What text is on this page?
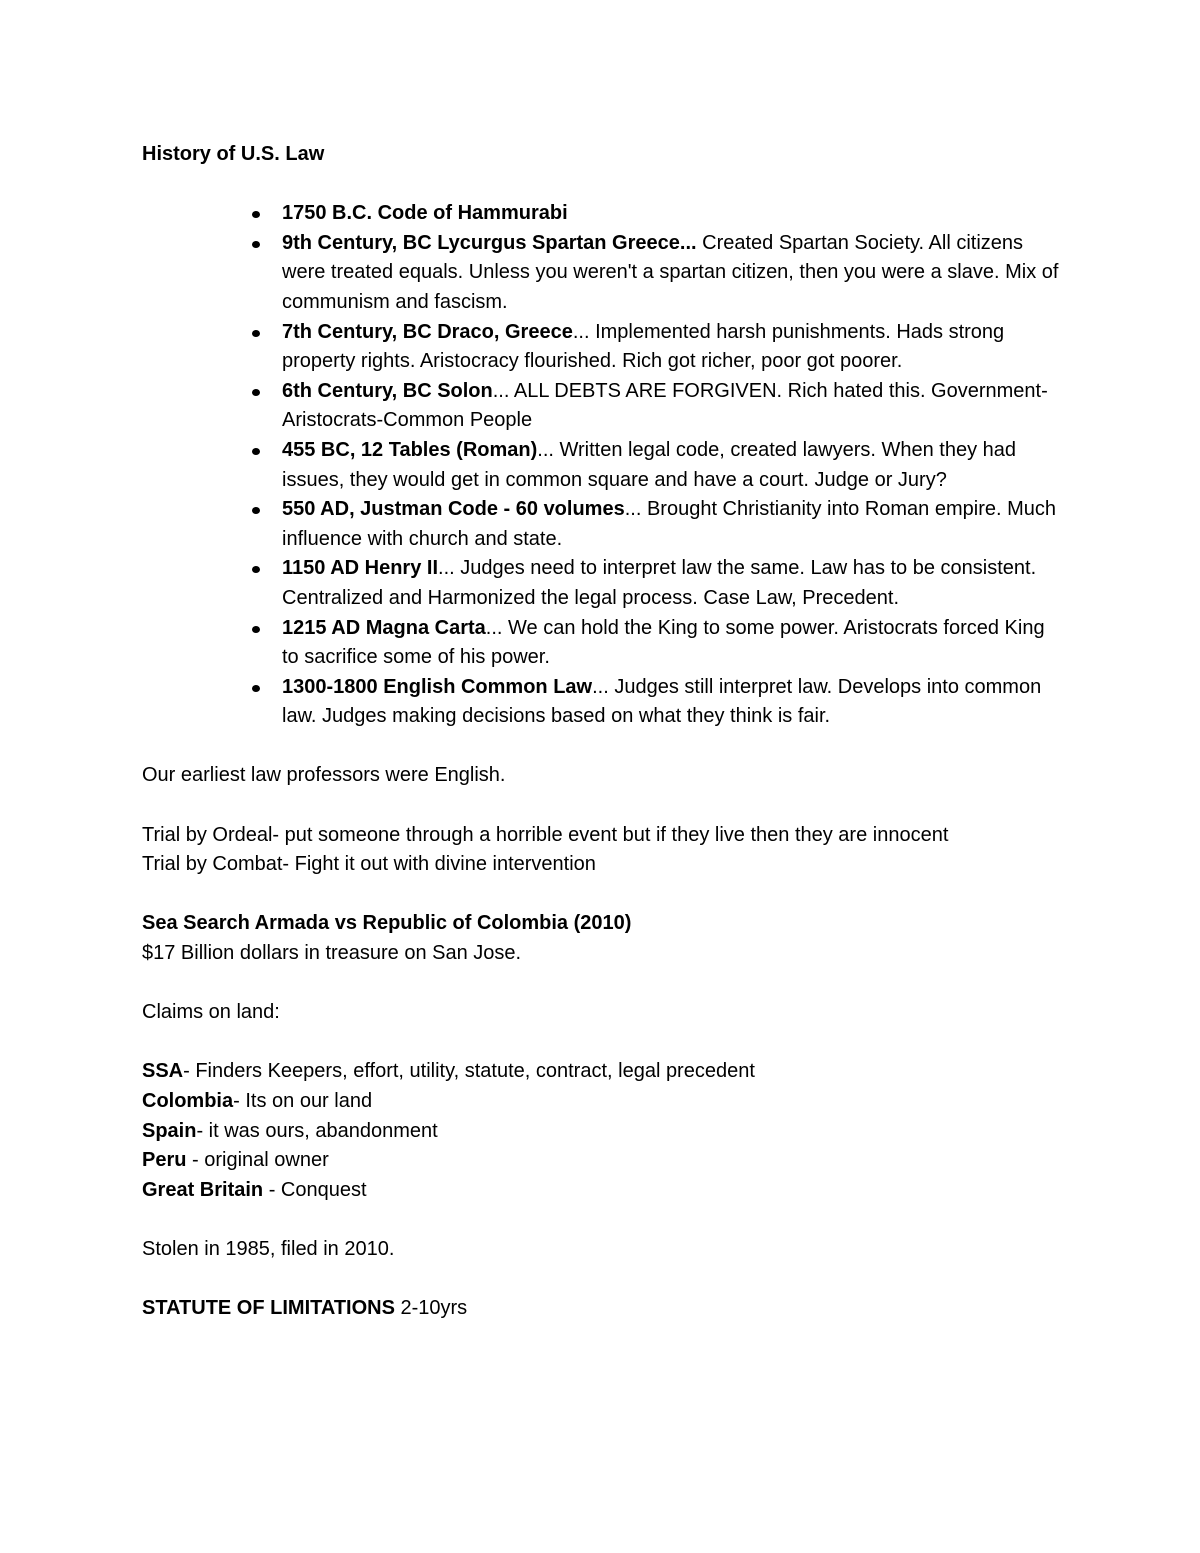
History of U.S. Law

1750 B.C. Code of Hammurabi
9th Century, BC Lycurgus Spartan Greece... Created Spartan Society. All citizens were treated equals. Unless you weren't a spartan citizen, then you were a slave. Mix of communism and fascism.
7th Century, BC Draco, Greece... Implemented harsh punishments. Hads strong property rights. Aristocracy flourished. Rich got richer, poor got poorer.
6th Century, BC Solon... ALL DEBTS ARE FORGIVEN. Rich hated this. Government-Aristocrats-Common People
455 BC, 12 Tables (Roman)... Written legal code, created lawyers. When they had issues, they would get in common square and have a court. Judge or Jury?
550 AD, Justman Code - 60 volumes... Brought Christianity into Roman empire. Much influence with church and state.
1150 AD Henry II... Judges need to interpret law the same. Law has to be consistent. Centralized and Harmonized the legal process. Case Law, Precedent.
1215 AD Magna Carta... We can hold the King to some power. Aristocrats forced King to sacrifice some of his power.
1300-1800 English Common Law... Judges still interpret law. Develops into common law. Judges making decisions based on what they think is fair.

Our earliest law professors were English.

Trial by Ordeal- put someone through a horrible event but if they live then they are innocent

Trial by Combat- Fight it out with divine intervention

Sea Search Armada vs Republic of Colombia (2010)

$17 Billion dollars in treasure on San Jose.

Claims on land:

SSA- Finders Keepers, effort, utility, statute, contract, legal precedent

Colombia- Its on our land

Spain- it was ours, abandonment

Peru - original owner

Great Britain - Conquest

Stolen in 1985, filed in 2010.

STATUTE OF LIMITATIONS 2-10yrs
